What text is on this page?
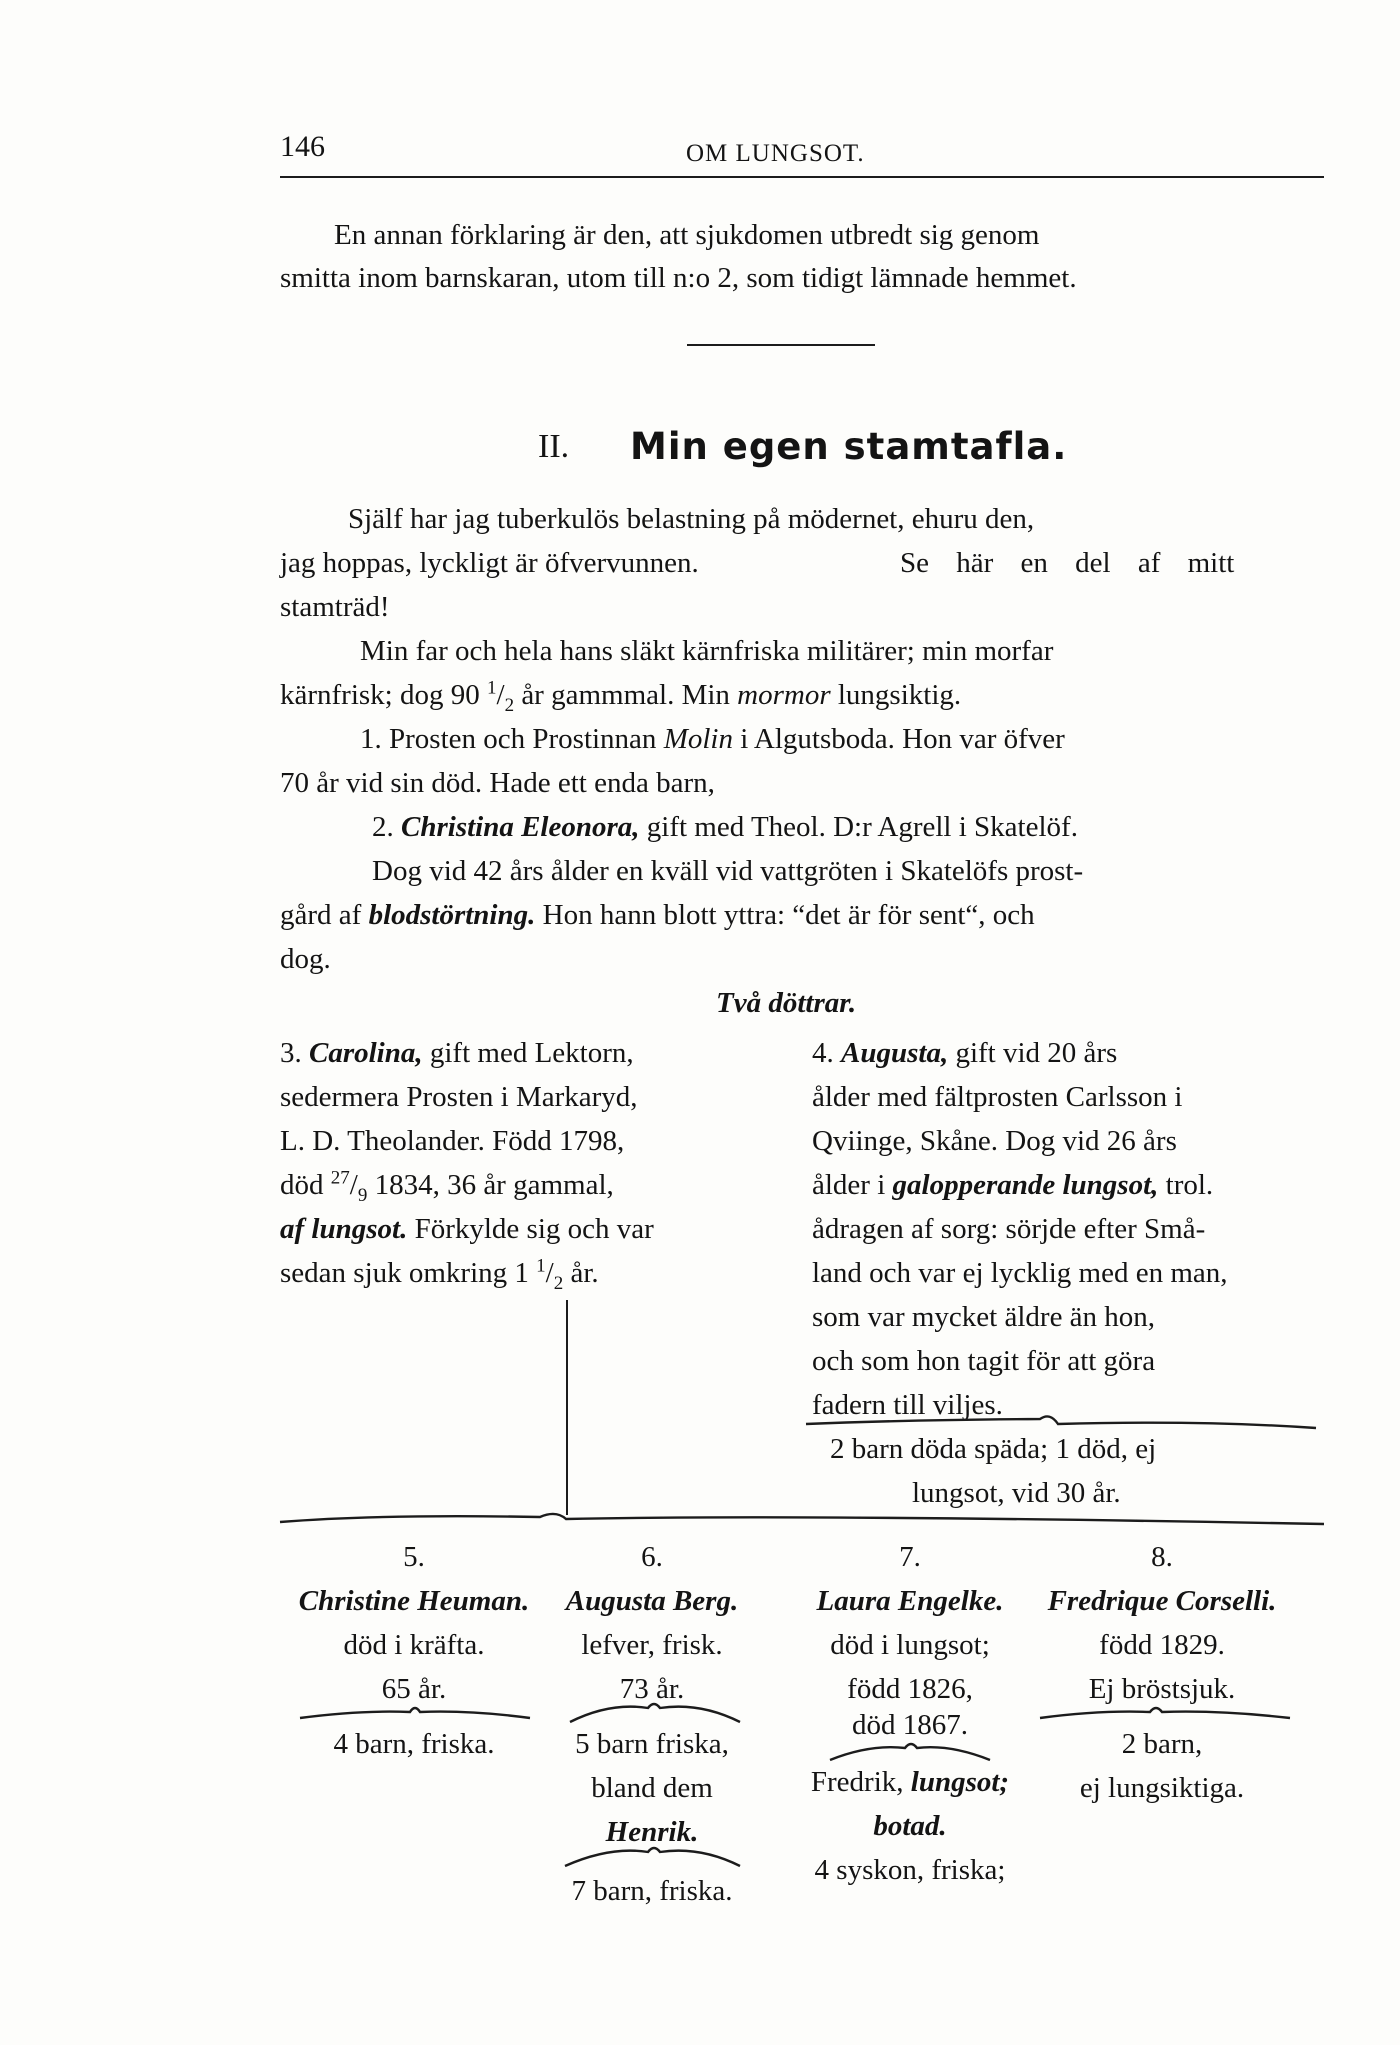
146	OM LUNGSOT.
En annan förklaring är den, att sjukdomen utbredt sig genom
smitta inom barnskaran, utom till n:o 2, som tidigt lämnade hemmet.
II. Min egen stamtafla.
Själf har jag tuberkulös belastning på mödernet, ehuru den,
jag hoppas, lyckligt är öfvervunnen.	Se här en del af mitt
stamträd!
Min far och hela hans släkt kärnfriska militärer; min morfar
kärnfrisk; dog 90 $^1/_2$ år gammmal. Min mormor lungsiktig.
1. Prosten och Prostinnan Molin i Algutsboda. Hon var öfver
70 år vid sin död. Hade ett enda barn,
2. Christina Eleonora, gift med Theol. D:r Agrell i Skatelöf.
Dog vid 42 års ålder en kväll vid vattgröten i Skatelöfs prost-
gård af blodstörtning. Hon hann blott yttra: “det är för sent“, och
dog.
Två döttrar.
3. Carolina, gift med Lektorn,
sedermera Prosten i Markaryd,
L. D. Theolander. Född 1798,
död $^{27}/_9$ 1834, 36 år gammal,
af lungsot. Förkylde sig och var
sedan sjuk omkring 1 $^1/_2$ år.
4. Augusta, gift vid 20 års
ålder med fältprosten Carlsson i
Qviinge, Skåne. Dog vid 26 års
ålder i galopperande lungsot, trol.
ådragen af sorg: sörjde efter Små-
land och var ej lycklig med en man,
som var mycket äldre än hon,
och som hon tagit för att göra
fadern till viljes.
2 barn döda späda; 1 död, ej
lungsot, vid 30 år.
5.	6.	7.	8.
Christine Heuman. Augusta Berg.	Laura Engelke. Fredrique Corselli.
död i kräfta.
65 år.
4 barn, friska.
lefver, frisk.
73 år.
5 barn friska,
bland dem
Henrik.
7 barn, friska.
död i lungsot;
född 1826,
död 1867.
Fredrik, lungsot;
botad.
4 syskon, friska;
född 1829.
Ej bröstsjuk.
2 barn,
ej lungsiktiga.
